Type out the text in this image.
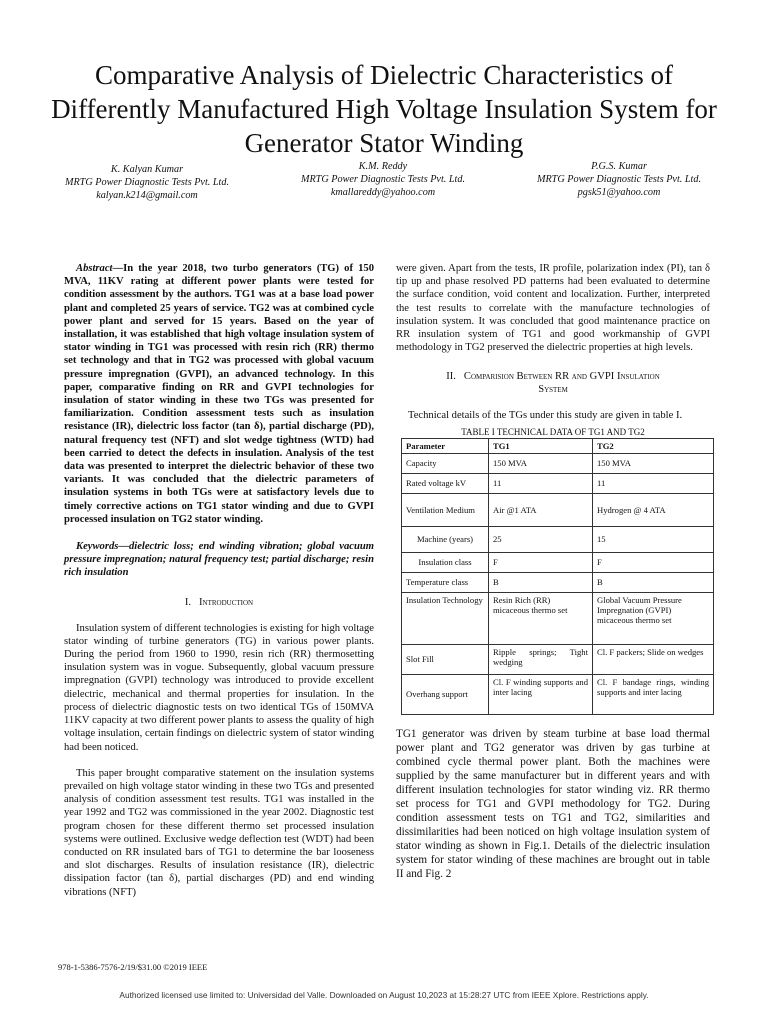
Comparative Analysis of Dielectric Characteristics of Differently Manufactured High Voltage Insulation System for Generator Stator Winding
K. Kalyan Kumar
MRTG Power Diagnostic Tests Pvt. Ltd.
kalyan.k214@gmail.com
K.M. Reddy
MRTG Power Diagnostic Tests Pvt. Ltd.
kmallareddy@yahoo.com
P.G.S. Kumar
MRTG Power Diagnostic Tests Pvt. Ltd.
pgsk51@yahoo.com

Abstract—In the year 2018, two turbo generators (TG) of 150 MVA, 11KV rating at different power plants were tested for condition assessment by the authors. TG1 was at a base load power plant and completed 25 years of service. TG2 was at combined cycle power plant and served for 15 years. Based on the year of installation, it was established that high voltage insulation system of stator winding in TG1 was processed with resin rich (RR) thermo set technology and that in TG2 was processed with global vacuum pressure impregnation (GVPI), an advanced technology. In this paper, comparative finding on RR and GVPI technologies for insulation of stator winding in these two TGs was presented for familiarization. Condition assessment tests such as insulation resistance (IR), dielectric loss factor (tan δ), partial discharge (PD), natural frequency test (NFT) and slot wedge tightness (WTD) had been carried to detect the defects in insulation. Analysis of the test data was presented to interpret the dielectric behavior of these two variants. It was concluded that the dielectric parameters of insulation systems in both TGs were at satisfactory levels due to timely corrective actions on TG1 stator winding and due to GVPI processed insulation on TG2 stator winding.

Keywords—dielectric loss; end winding vibration; global vacuum pressure impregnation; natural frequency test; partial discharge; resin rich insulation

I. Introduction

Insulation system of different technologies is existing for high voltage stator winding of turbine generators (TG) in various power plants. During the period from 1960 to 1990, resin rich (RR) thermosetting insulation system was in vogue. Subsequently, global vacuum pressure impregnation (GVPI) technology was introduced to provide excellent dielectric, mechanical and thermal properties for insulation. In the process of dielectric diagnostic tests on two identical TGs of 150MVA 11KV capacity at two different power plants to assess the quality of high voltage insulation, certain findings on dielectric system of stator winding had been noticed.

This paper brought comparative statement on the insulation systems prevailed on high voltage stator winding in these two TGs and presented analysis of condition assessment test results. TG1 was installed in the year 1992 and TG2 was commissioned in the year 2002. Diagnostic test program chosen for these different thermo set processed insulation systems were outlined. Exclusive wedge deflection test (WDT) had been conducted on RR insulated bars of TG1 to determine the bar looseness and slot discharges. Results of insulation resistance (IR), dielectric dissipation factor (tan δ), partial discharges (PD) and end winding vibrations (NFT)

were given. Apart from the tests, IR profile, polarization index (PI), tan δ tip up and phase resolved PD patterns had been evaluated to determine the surface condition, void content and localization. Further, interpreted the test results to correlate with the manufacture technologies of insulation system. It was concluded that good maintenance practice on RR insulation system of TG1 and good workmanship of GVPI methodology in TG2 preserved the dielectric properties at high levels.

II. Comparision Between RR and GVPI Insulation
System

Technical details of the TGs under this study are given in table I.

TABLE I TECHNICAL DATA OF TG1 AND TG2

Parameter	TG1	TG2
Capacity	150 MVA	150 MVA
Rated voltage kV	11	11
Ventilation Medium	Air @1 ATA	Hydrogen @ 4 ATA
Machine (years)	25	15
Insulation class	F	F
Temperature class	B	B
Insulation Technology	Resin Rich (RR) micaceous thermo set	Global Vacuum Pressure Impregnation (GVPI) micaceous thermo set
Slot Fill	Ripple springs; Tight wedging	Cl. F packers; Slide on wedges
Overhang support	Cl. F winding supports and inter lacing	Cl. F bandage rings, winding supports and inter lacing

TG1 generator was driven by steam turbine at base load thermal power plant and TG2 generator was driven by gas turbine at combined cycle thermal power plant. Both the machines were supplied by the same manufacturer but in different years and with different insulation technologies for stator winding viz. RR thermo set process for TG1 and GVPI methodology for TG2. During condition assessment tests on TG1 and TG2, similarities and dissimilarities had been noticed on high voltage insulation system of stator winding as shown in Fig.1. Details of the dielectric insulation system for stator winding of these machines are brought out in table II and Fig. 2

978-1-5386-7576-2/19/$31.00 ©2019 IEEE
Authorized licensed use limited to: Universidad del Valle. Downloaded on August 10,2023 at 15:28:27 UTC from IEEE Xplore. Restrictions apply.
